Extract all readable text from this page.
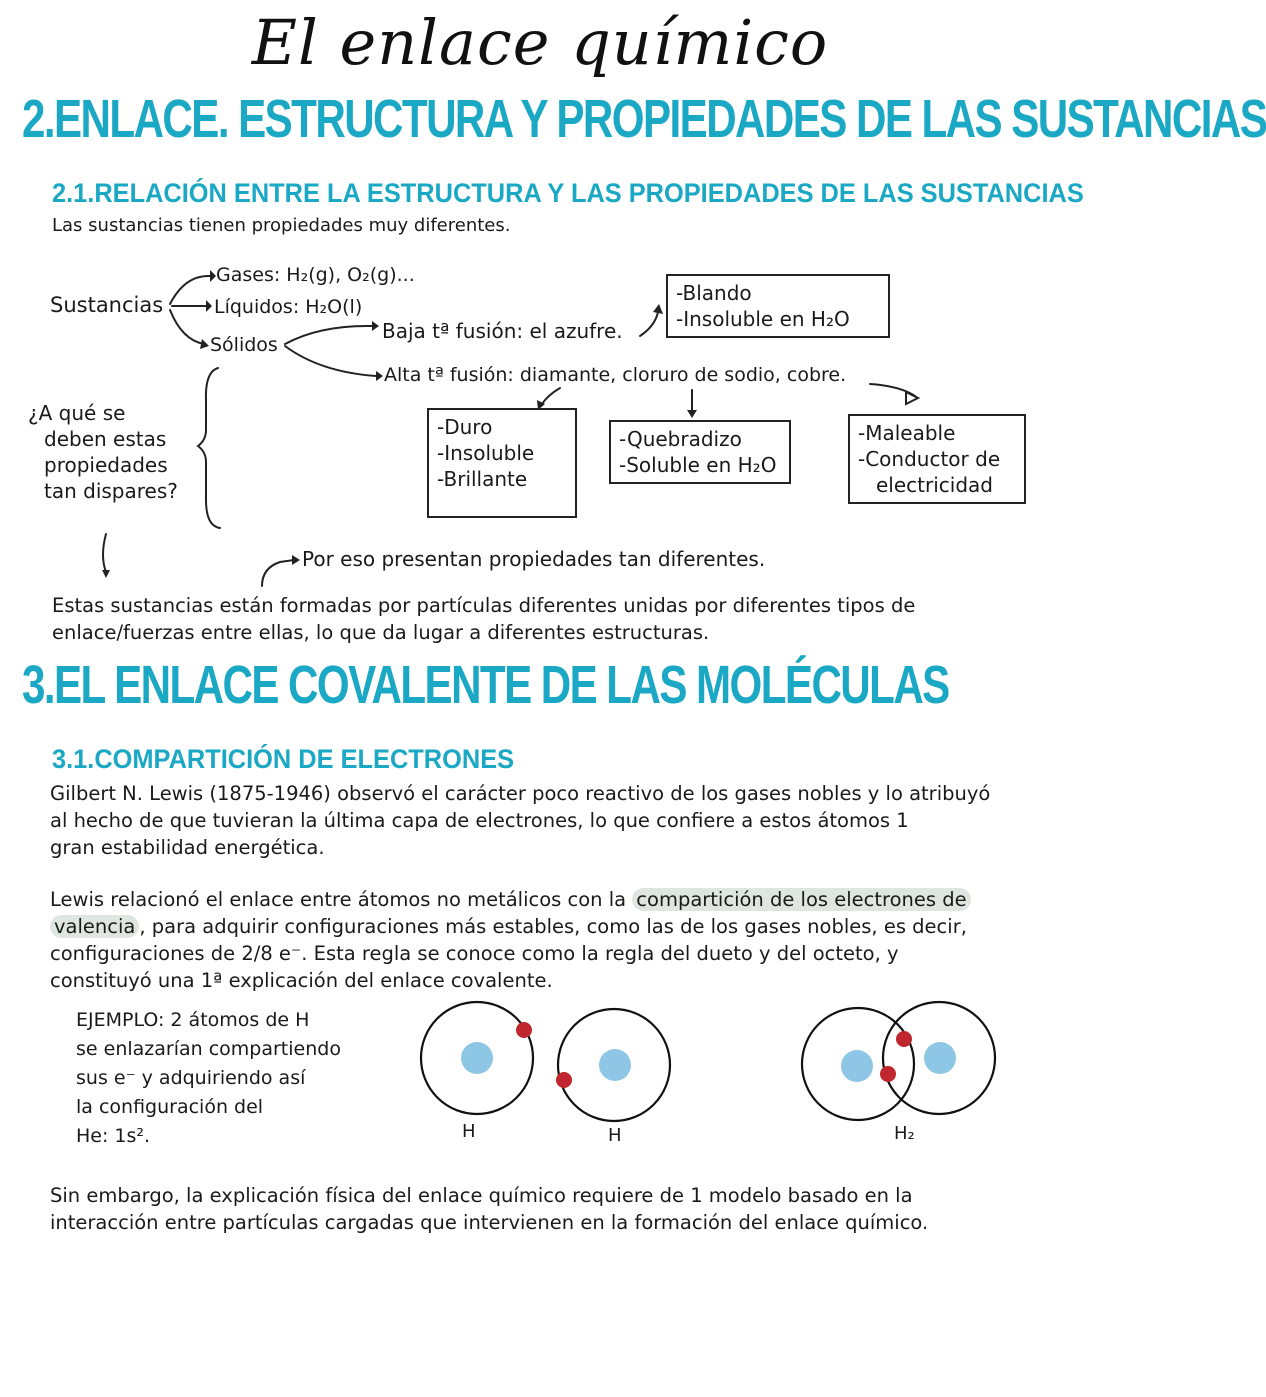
El enlace químico
2.ENLACE. ESTRUCTURA Y PROPIEDADES DE LAS SUSTANCIAS
2.1.RELACIÓN ENTRE LA ESTRUCTURA Y LAS PROPIEDADES DE LAS SUSTANCIAS
Las sustancias tienen propiedades muy diferentes.
Sustancias
Gases: H₂(g), O₂(g)...
Líquidos: H₂O(l)
Sólidos
Baja tª fusión: el azufre.
Alta tª fusión: diamante, cloruro de sodio, cobre.
-Blando
-Insoluble en H₂O
-Duro
-Insoluble
-Brillante
-Quebradizo
-Soluble en H₂O
-Maleable
-Conductor de
electricidad
¿A qué se
deben estas
propiedades
tan dispares?
Por eso presentan propiedades tan diferentes.
Estas sustancias están formadas por partículas diferentes unidas por diferentes tipos de
enlace/fuerzas entre ellas, lo que da lugar a diferentes estructuras.
3.EL ENLACE COVALENTE DE LAS MOLÉCULAS
3.1.COMPARTICIÓN DE ELECTRONES
Gilbert N. Lewis (1875-1946) observó el carácter poco reactivo de los gases nobles y lo atribuyó
al hecho de que tuvieran la última capa de electrones, lo que confiere a estos átomos 1
gran estabilidad energética.
Lewis relacionó el enlace entre átomos no metálicos con la compartición de los electrones de
valencia , para adquirir configuraciones más estables, como las de los gases nobles, es decir,
configuraciones de 2/8 e⁻. Esta regla se conoce como la regla del dueto y del octeto, y
constituyó una 1ª explicación del enlace covalente.
EJEMPLO: 2 átomos de H
se enlazarían compartiendo
sus e⁻ y adquiriendo así
la configuración del
He: 1s².	H	H	H₂
Sin embargo, la explicación física del enlace químico requiere de 1 modelo basado en la
interacción entre partículas cargadas que intervienen en la formación del enlace químico.
